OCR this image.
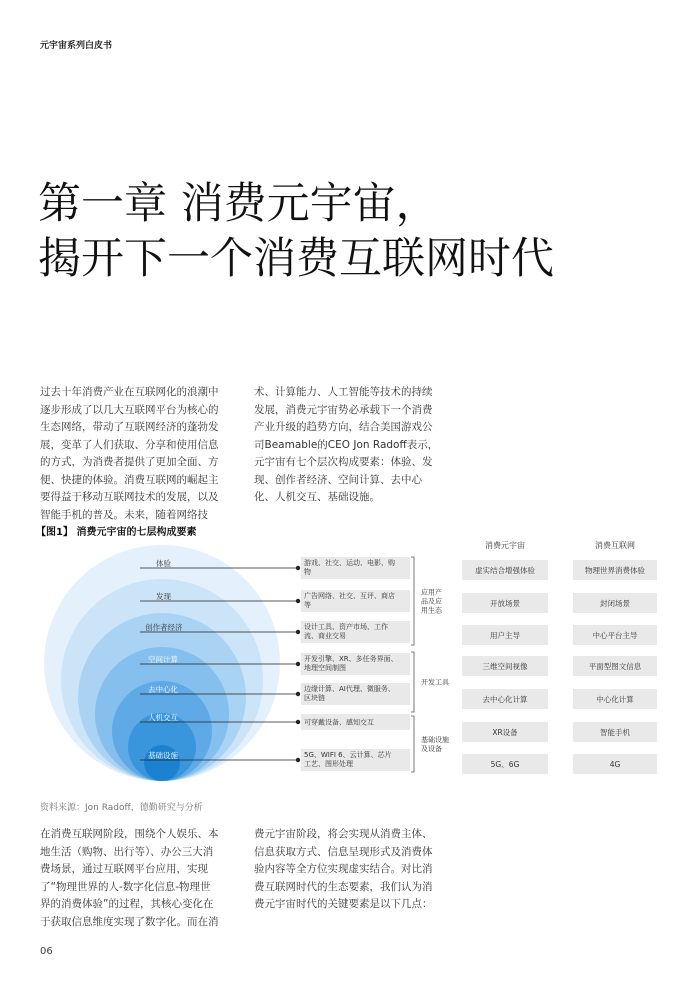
元宇宙系列白皮书
第一章 消费元宇宙，
揭开下一个消费互联网时代
过去十年消费产业在互联网化的浪潮中
逐步形成了以几大互联网平台为核心的
生态网络，带动了互联网经济的蓬勃发
展，变革了人们获取、分享和使用信息
的方式，为消费者提供了更加全面、方
便、快捷的体验。消费互联网的崛起主
要得益于移动互联网技术的发展，以及
智能手机的普及。未来，随着网络技
术、计算能力、人工智能等技术的持续
发展，消费元宇宙势必承载下一个消费
产业升级的趋势方向，结合美国游戏公
司Beamable的CEO Jon Radoff表示，
元宇宙有七个层次构成要素：体验、发
现、创作者经济、空间计算、去中心
化、人机交互、基础设施。
【图1】 消费元宇宙的七层构成要素
体验
发现
创作者经济
空间计算
去中心化
人机交互
基础设施
游戏、社交、运动、电影、购
物
广告网络、社交、互评、商店
等
设计工具、资产市场、工作
流、商业交易
开发引擎、XR、多任务界面、
地理空间制图
边缘计算、AI代理、微服务、
区块链
可穿戴设备、感知交互
5G、WIFI 6、云计算、芯片
工艺、图形处理
应用产
品及应
用生态
开发工具
基础设施
及设备
消费元宇宙	消费互联网
虚实结合增强体验
开放场景
用户主导
三维空间视像
去中心化计算
XR设备
5G、6G
物理世界消费体验
封闭场景
中心平台主导
平面型图文信息
中心化计算
智能手机
4G
资料来源：Jon Radoff，德勤研究与分析
在消费互联网阶段，围绕个人娱乐、本
地生活（购物、出行等）、办公三大消
费场景，通过互联网平台应用，实现
了“物理世界的人-数字化信息-物理世
界的消费体验”的过程，其核心变化在
于获取信息维度实现了数字化。而在消
费元宇宙阶段，将会实现从消费主体、
信息获取方式、信息呈现形式及消费体
验内容等全方位实现虚实结合。对比消
费互联网时代的生态要素，我们认为消
费元宇宙时代的关键要素是以下几点：
06
